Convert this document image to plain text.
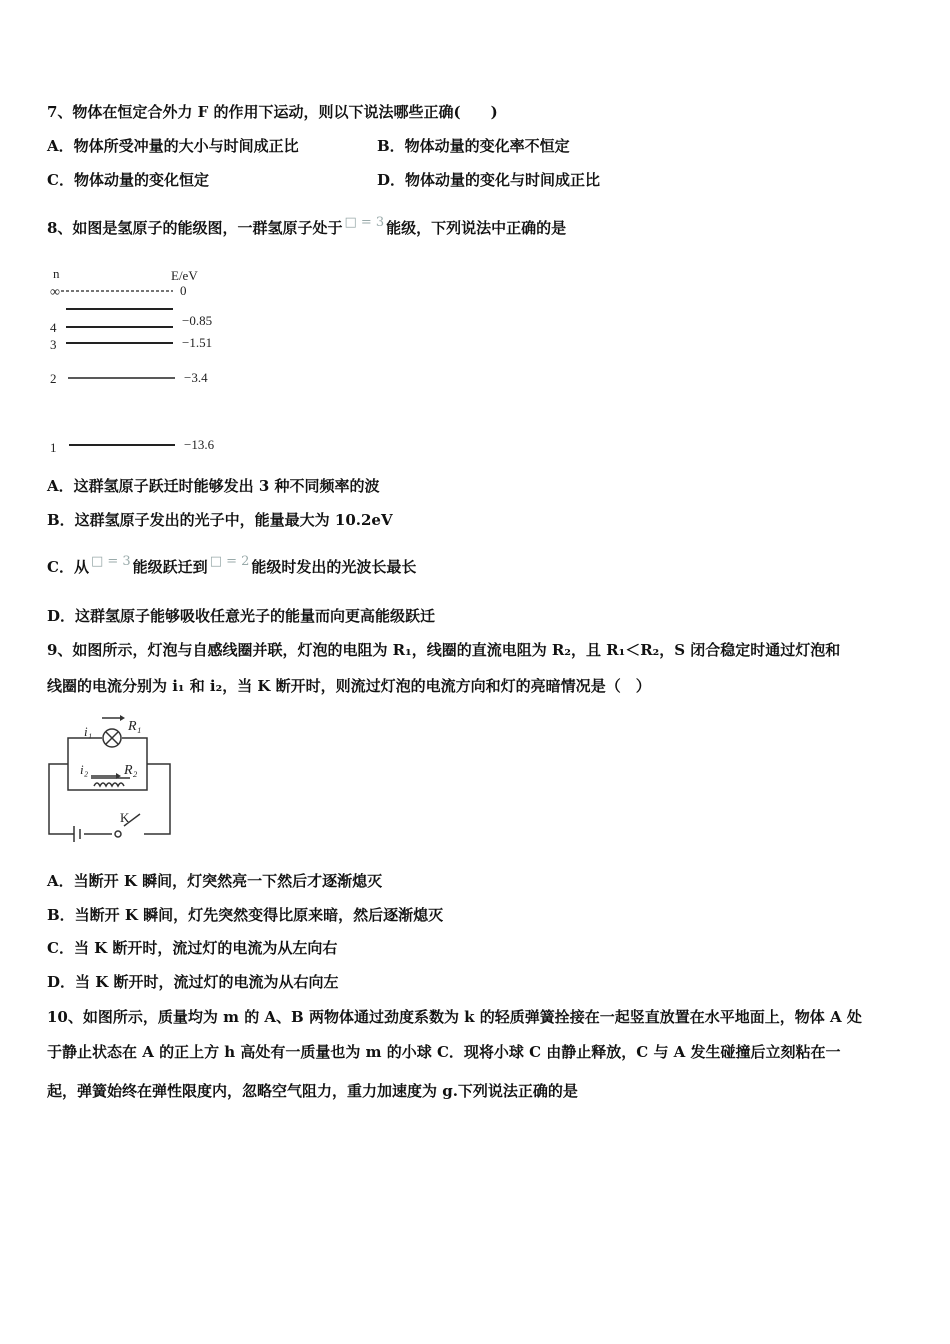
7、物体在恒定合外力 F 的作用下运动，则以下说法哪些正确(　　)
A．物体所受冲量的大小与时间成正比	B．物体动量的变化率不恒定
C．物体动量的变化恒定	D．物体动量的变化与时间成正比
8、如图是氢原子的能级图，一群氢原子处于 □ = 3 能级，下列说法中正确的是
n	E/eV
∞	0
4	−0.85
3	−1.51
2	−3.4
1	−13.6
A．这群氢原子跃迁时能够发出 3 种不同频率的波
B．这群氢原子发出的光子中，能量最大为 10.2eV
C．从 □ = 3 能级跃迁到 □ = 2 能级时发出的光波长最长
D．这群氢原子能够吸收任意光子的能量而向更高能级跃迁
9、如图所示，灯泡与自感线圈并联，灯泡的电阻为 R₁，线圈的直流电阻为 R₂，且 R₁＜R₂，S 闭合稳定时通过灯泡和
线圈的电流分别为 i₁ 和 i₂，当 K 断开时，则流过灯泡的电流方向和灯的亮暗情况是（　）
i₁	R₁
i₂	R₂
K
A．当断开 K 瞬间，灯突然亮一下然后才逐渐熄灭
B．当断开 K 瞬间，灯先突然变得比原来暗，然后逐渐熄灭
C．当 K 断开时，流过灯的电流为从左向右
D．当 K 断开时，流过灯的电流为从右向左
10、如图所示，质量均为 m 的 A、B 两物体通过劲度系数为 k 的轻质弹簧拴接在一起竖直放置在水平地面上，物体 A 处
于静止状态在 A 的正上方 h 高处有一质量也为 m 的小球 C．现将小球 C 由静止释放，C 与 A 发生碰撞后立刻粘在一
起，弹簧始终在弹性限度内，忽略空气阻力，重力加速度为 g.下列说法正确的是
